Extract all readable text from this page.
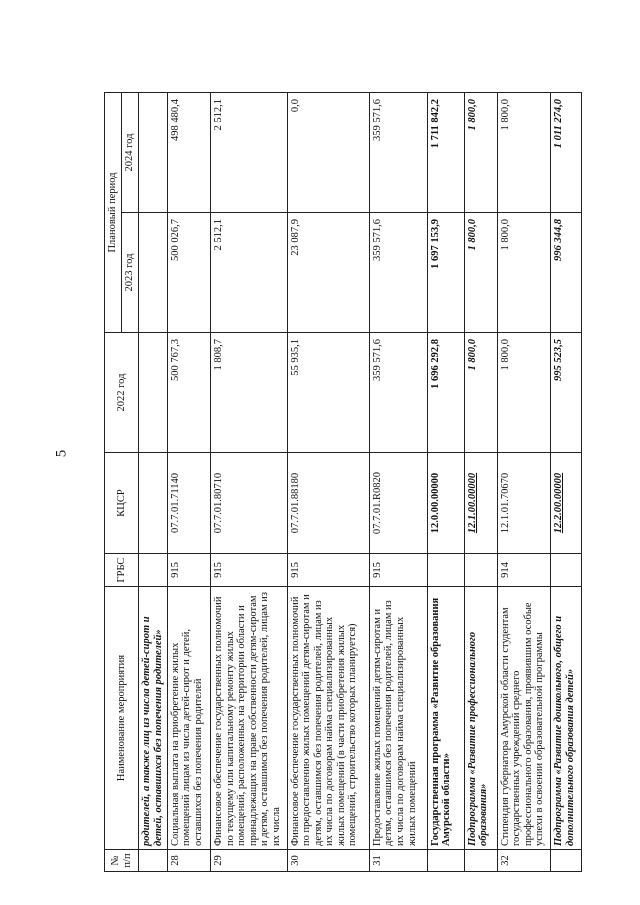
5
№ п/п	Наименование мероприятия	ГРБС	КЦСР	2022 год	Плановый период	
					2023 год	2024 год
	родителей, а также лиц из числа детей-сирот и детей, оставшихся без попечения родителей»					
28	Социальная выплата на приобретение жилых помещений лицам из числа детей-сирот и детей, оставшихся без попечения родителей	915	07.7.01.71140	500 767,3	500 026,7	498 480,4
29	Финансовое обеспечение государственных полномочий по текущему или капитальному ремонту жилых помещений, расположенных на территории области и принадлежащих на праве собственности детям-сиротам и детям, оставшимся без попечения родителей, лицам из их числа	915	07.7.01.80710	1 808,7	2 512,1	2 512,1
30	Финансовое обеспечение государственных полномочий по предоставлению жилых помещений детям-сиротам и детям, оставшимся без попечения родителей, лицам из их числа по договорам найма специализированных жилых помещений (в части приобретения жилых помещений, строительство которых планируется)	915	07.7.01.88180	55 935,1	23 087,9	0,0
31	Предоставление жилых помещений детям-сиротам и детям, оставшимся без попечения родителей, лицам из их числа по договорам найма специализированных жилых помещений	915	07.7.01.R0820	359 571,6	359 571,6	359 571,6
	Государственная программа «Развитие образования Амурской области»		12.0.00.00000	1 696 292,8	1 697 153,9	1 711 842,2
	Подпрограмма «Развитие профессионального образования»		12.1.00.00000	1 800,0	1 800,0	1 800,0
32	Стипендия губернатора Амурской области студентам государственных учреждений среднего профессионального образования, проявившим особые успехи в освоении образовательной программы	914	12.1.01.70670	1 800,0	1 800,0	1 800,0
	Подпрограмма «Развитие дошкольного, общего и дополнительного образования детей»		12.2.00.00000	995 523,5	996 344,8	1 011 274,0
